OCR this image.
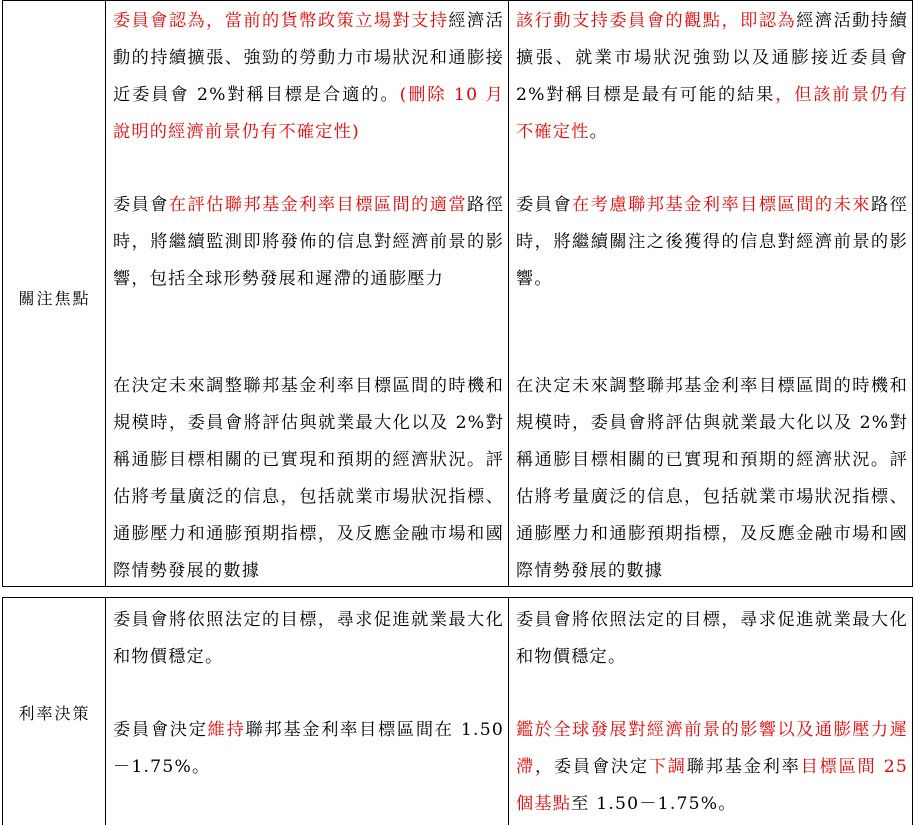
關注焦點

委員會認為，當前的貨幣政策立場對支持經濟活動的持續擴張、強勁的勞動力市場狀況和通膨接近委員會 2%對稱目標是合適的。(刪除 10 月說明的經濟前景仍有不確定性)

委員會在評估聯邦基金利率目標區間的適當路徑時，將繼續監測即將發佈的信息對經濟前景的影響，包括全球形勢發展和遲滯的通膨壓力

在決定未來調整聯邦基金利率目標區間的時機和規模時，委員會將評估與就業最大化以及 2%對稱通膨目標相關的已實現和預期的經濟狀況。評估將考量廣泛的信息，包括就業市場狀況指標、通膨壓力和通膨預期指標，及反應金融市場和國際情勢發展的數據

該行動支持委員會的觀點，即認為經濟活動持續擴張、就業市場狀況強勁以及通膨接近委員會 2%對稱目標是最有可能的結果，但該前景仍有不確定性。

委員會在考慮聯邦基金利率目標區間的未來路徑時，將繼續關注之後獲得的信息對經濟前景的影響。

在決定未來調整聯邦基金利率目標區間的時機和規模時，委員會將評估與就業最大化以及 2%對稱通膨目標相關的已實現和預期的經濟狀況。評估將考量廣泛的信息，包括就業市場狀況指標、通膨壓力和通膨預期指標，及反應金融市場和國際情勢發展的數據

利率決策

委員會將依照法定的目標，尋求促進就業最大化和物價穩定。

委員會決定維持聯邦基金利率目標區間在 1.50－1.75%。

委員會將依照法定的目標，尋求促進就業最大化和物價穩定。

鑑於全球發展對經濟前景的影響以及通膨壓力遲滯，委員會決定下調聯邦基金利率目標區間 25 個基點至 1.50－1.75%。
